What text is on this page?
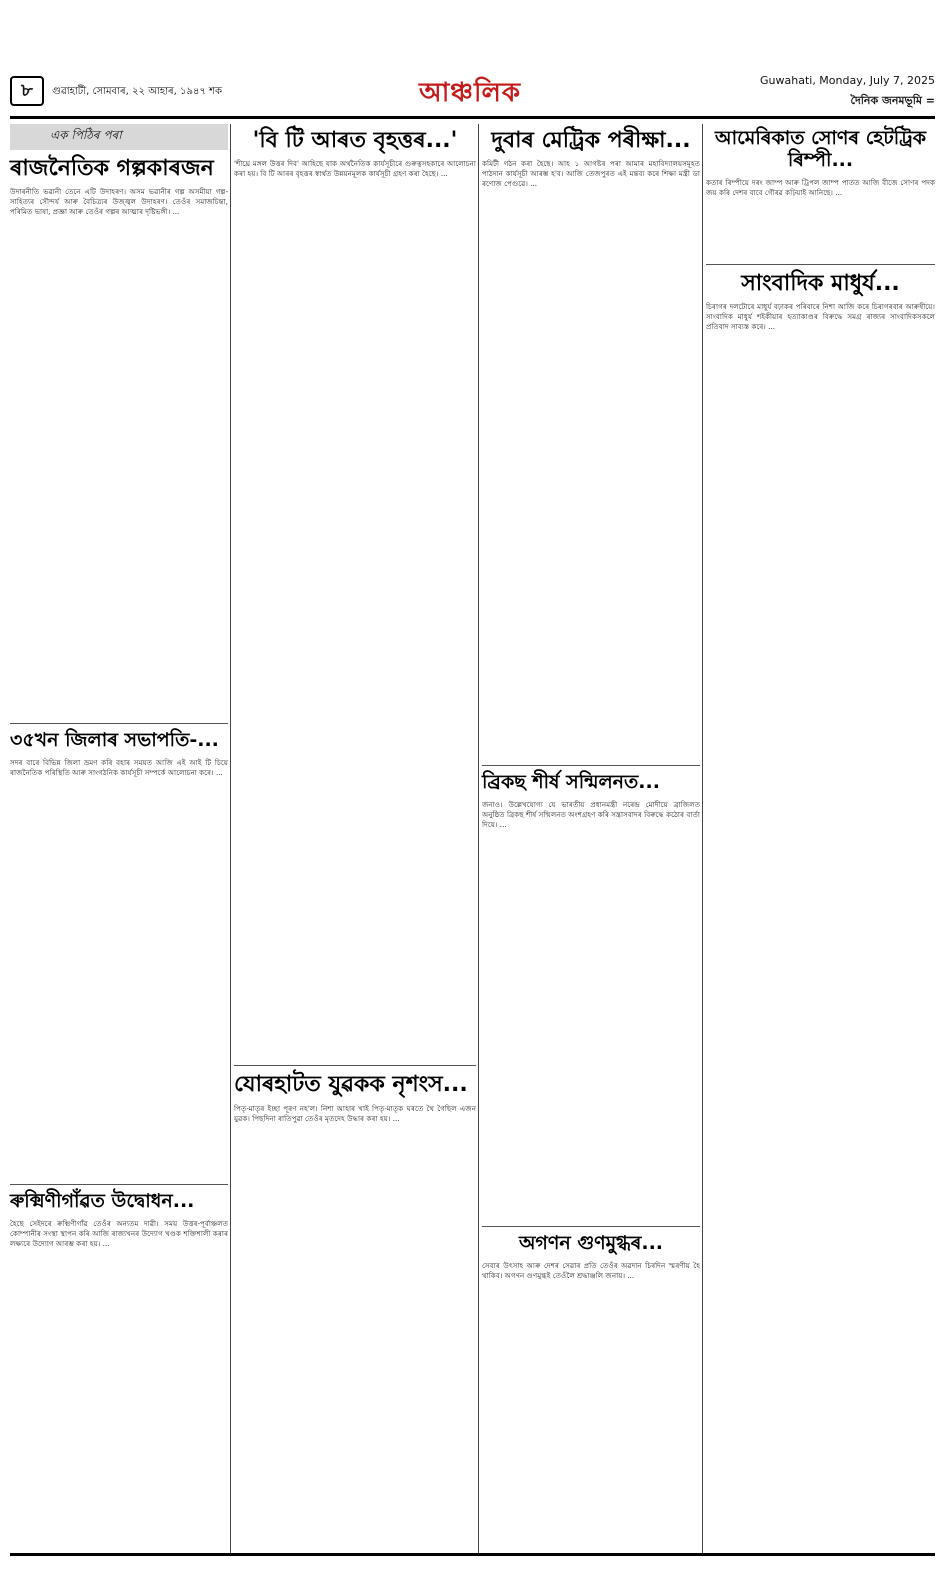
৮	গুৱাহাটী, সোমবাৰ, ২২ আহাৰ, ১৯৪৭ শক	আঞ্চলিক	Guwahati, Monday, July 7, 2025
দৈনিক জনমভূমি =
এক পিঠিৰ পৰা
ৰাজনৈতিক গল্পকাৰজন
উদাৰনীতি ভৱানী তেনে এটি উদাহৰণ। অসম ভৱানীৰ গল্প অসমীয়া গল্প-সাহিত্যৰ সৌন্দৰ্য আৰু বৈচিত্ৰ্যৰ উজ্জ্বল উদাহৰণ। তেওঁৰ সমাজচিন্তা, পৰিমিত ভাষা, প্ৰজ্ঞা আৰু তেওঁৰ গল্পৰ আত্মাৰ দৃষ্টিভঙ্গী। ...
৩৫খন জিলাৰ সভাপতি-...
সদৰ বাৰে বিভিন্ন জিলা ভ্ৰমণ কৰি বহাৰ সময়ত আজি এই আই টি চিয়ে ৰাজনৈতিক পৰিস্থিতি আৰু সাংগঠনিক কাৰ্যসূচী সম্পৰ্কে আলোচনা কৰে। ...
ৰুক্মিণীগাঁৱত উদ্বোধন...
হৈছে সেইদৰে ৰুক্মিণীগাঁৱ তেওঁৰ অন্যতম দাৱী। সময় উত্তৰ-পূৰ্বাঞ্চলত কোম্পানীৰ সংস্থা স্থাপন কৰি আজি ৰাজ্যখনৰ উদ্যোগ খণ্ডক শক্তিশালী কৰাৰ লক্ষ্যৰে উদ্যোগ আৰম্ভ কৰা হয়। ...
'বি টি আৰত বৃহত্তৰ...'
'শীঘ্ৰে মঙ্গল উত্তৰ দিব' আহিছে যাক অৰ্থনৈতিক কাৰ্যসূচীৰে গুৰুত্বসহকাৰে আলোচনা কৰা হয়। বি টি আৰৰ বৃহত্তৰ স্বাৰ্থত উন্নয়নমূলক কাৰ্যসূচী গ্ৰহণ কৰা হৈছে। ...
যোৰহাটত যুৱকক নৃশংস...
পিতৃ-মাতৃৰ ইচ্ছা পূৰণ নহ'ল। নিশা আহাৰ খাই পিতৃ-মাতৃক ঘৰতে থৈ গৈছিল এজন যুৱক। পিছদিনা ৰাতিপুৱা তেওঁৰ মৃতদেহ উদ্ধাৰ কৰা হয়। ...
দুবাৰ মেট্ৰিক পৰীক্ষা...
কমিটী গঠন কৰা হৈছে। আহ ১ আগষ্টৰ পৰা আমাৰ মহাবিদ্যালয়সমূহত পাঠদান কাৰ্যসূচী আৰম্ভ হ'ব। আজি তেজপুৰত এই মন্তব্য কৰে শিক্ষা মন্ত্ৰী ডা ৰণোজ পেগুৱে। ...
ব্ৰিকছ শীৰ্ষ সন্মিলনত...
জনাও। উল্লেখযোগ্য যে ভাৰতীয় প্ৰধানমন্ত্ৰী নৰেন্দ্ৰ মোদীয়ে ব্ৰাজিলত অনুষ্ঠিত ব্ৰিকছ শীৰ্ষ সন্মিলনত অংশগ্ৰহণ কৰি সন্ত্ৰাসবাদৰ বিৰুদ্ধে কঠোৰ বাৰ্তা দিয়ে। ...
অগণন গুণমুগ্ধৰ...
সেবাৰ উৎসাহ আৰু দেশৰ সেৱাৰ প্ৰতি তেওঁৰ অৱদান চিৰদিন স্মৰণীয় হৈ থাকিব। অগণন গুণমুগ্ধই তেওঁলৈ শ্ৰদ্ধাঞ্জলি জনায়। ...
আমেৰিকাত সোণৰ হেটট্ৰিক ৰিম্পী...
কতাৰ ৰিম্পীয়ে দৰং জাম্প আৰু ট্ৰিপল জাম্প পাতত আজি বীজে সোণৰ পদক জয় কৰি দেশৰ বাবে গৌৰৱ কঢ়িয়াই আনিছে। ...
সাংবাদিক মাধুৰ্য...
চিৰাগৰ দলটোৰে মাধুৰ্য বঢ়াকৰ পৰিবাৰে নিশা আজি কৰে চিৰাগৰবাৰ আৰুষীয়ে। সাংবাদিক মাধুৰ্য শইকীয়াৰ হত্যাকাণ্ডৰ বিৰুদ্ধে সমগ্ৰ ৰাজ্যৰ সাংবাদিকসকলে প্ৰতিবাদ সাব্যস্ত কৰে। ...
